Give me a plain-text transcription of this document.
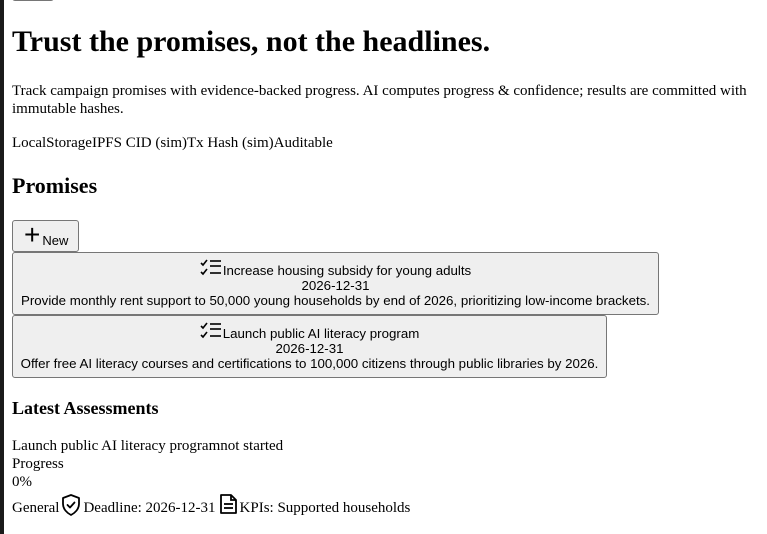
Trust the promises, not the headlines.

Track campaign promises with evidence-backed progress. AI computes progress & confidence; results are committed with immutable hashes.

LocalStorageIPFS CID (sim)Tx Hash (sim)Auditable
Promises
+ New
Increase housing subsidy for young adults
2026-12-31
Provide monthly rent support to 50,000 young households by end of 2026, prioritizing low-income brackets.
Launch public AI literacy program
2026-12-31
Offer free AI literacy courses and certifications to 100,000 citizens through public libraries by 2026.
Latest Assessments
Launch public AI literacy programnot started
Progress
0%
General Deadline: 2026-12-31 KPIs: Supported households
